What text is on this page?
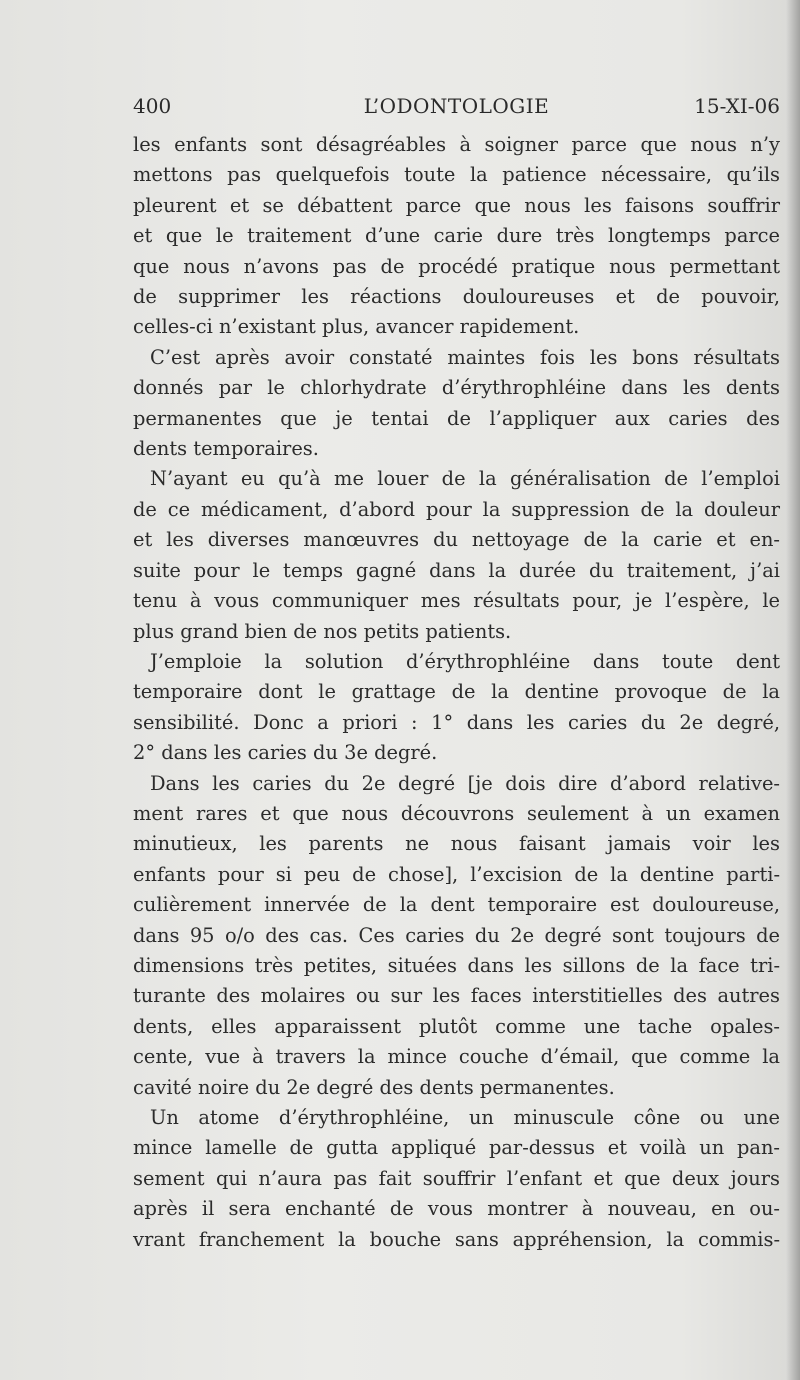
400	L’ODONTOLOGIE	15-XI-06
les enfants sont désagréables à soigner parce que nous n’y
mettons pas quelquefois toute la patience nécessaire, qu’ils
pleurent et se débattent parce que nous les faisons souffrir
et que le traitement d’une carie dure très longtemps parce
que nous n’avons pas de procédé pratique nous permettant
de supprimer les réactions douloureuses et de pouvoir,
celles-ci n’existant plus, avancer rapidement.
C’est après avoir constaté maintes fois les bons résultats
donnés par le chlorhydrate d’érythrophléine dans les dents
permanentes que je tentai de l’appliquer aux caries des
dents temporaires.
N’ayant eu qu’à me louer de la généralisation de l’emploi
de ce médicament, d’abord pour la suppression de la douleur
et les diverses manœuvres du nettoyage de la carie et en-
suite pour le temps gagné dans la durée du traitement, j’ai
tenu à vous communiquer mes résultats pour, je l’espère, le
plus grand bien de nos petits patients.
J’emploie la solution d’érythrophléine dans toute dent
temporaire dont le grattage de la dentine provoque de la
sensibilité. Donc a priori : 1° dans les caries du 2e degré,
2° dans les caries du 3e degré.
Dans les caries du 2e degré [je dois dire d’abord relative-
ment rares et que nous découvrons seulement à un examen
minutieux, les parents ne nous faisant jamais voir les
enfants pour si peu de chose], l’excision de la dentine parti-
culièrement innervée de la dent temporaire est douloureuse,
dans 95 o/o des cas. Ces caries du 2e degré sont toujours de
dimensions très petites, situées dans les sillons de la face tri-
turante des molaires ou sur les faces interstitielles des autres
dents, elles apparaissent plutôt comme une tache opales-
cente, vue à travers la mince couche d’émail, que comme la
cavité noire du 2e degré des dents permanentes.
Un atome d’érythrophléine, un minuscule cône ou une
mince lamelle de gutta appliqué par-dessus et voilà un pan-
sement qui n’aura pas fait souffrir l’enfant et que deux jours
après il sera enchanté de vous montrer à nouveau, en ou-
vrant franchement la bouche sans appréhension, la commis-
